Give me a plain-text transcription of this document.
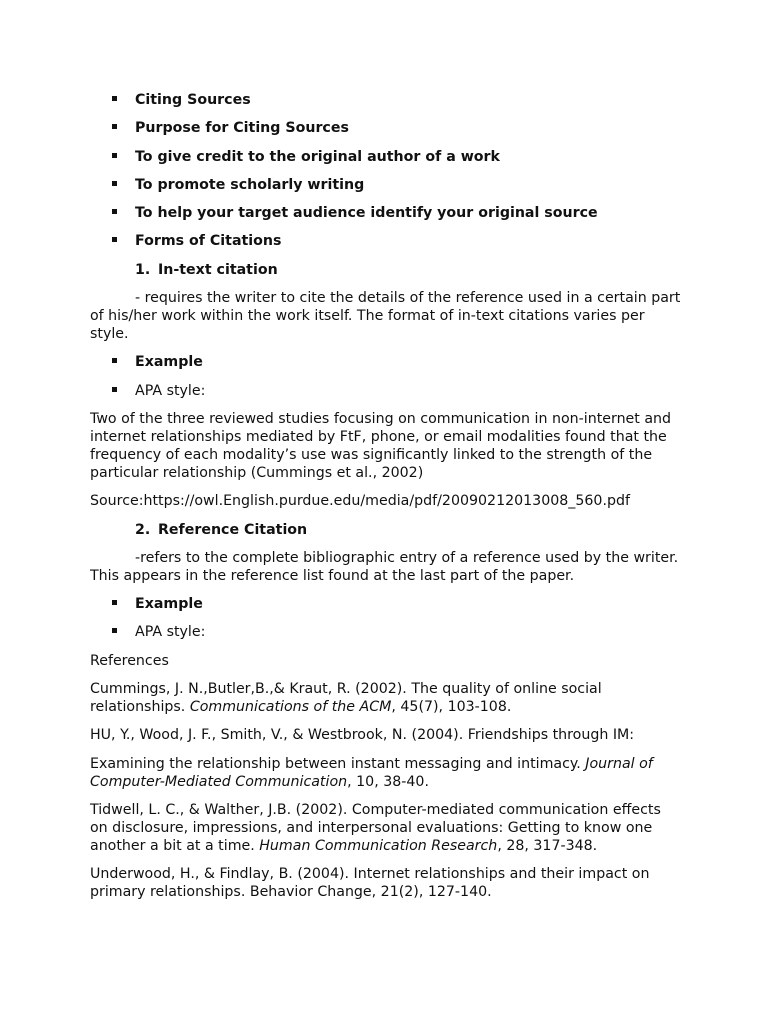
Citing Sources
Purpose for Citing Sources
To give credit to the original author of a work
To promote scholarly writing
To help your target audience identify your original source
Forms of Citations
1. In-text citation

- requires the writer to cite the details of the reference used in a certain part of his/her work within the work itself. The format of in-text citations varies per style.

Example
APA style:

Two of the three reviewed studies focusing on communication in non-internet and internet relationships mediated by FtF, phone, or email modalities found that the frequency of each modality’s use was significantly linked to the strength of the particular relationship (Cummings et al., 2002)

Source:https://owl.English.purdue.edu/media/pdf/20090212013008_560.pdf

2. Reference Citation

-refers to the complete bibliographic entry of a reference used by the writer. This appears in the reference list found at the last part of the paper.

Example
APA style:

References

Cummings, J. N.,Butler,B.,& Kraut, R. (2002). The quality of online social relationships. Communications of the ACM, 45(7), 103-108.

HU, Y., Wood, J. F., Smith, V., & Westbrook, N. (2004). Friendships through IM:

Examining the relationship between instant messaging and intimacy. Journal of Computer-Mediated Communication, 10, 38-40.

Tidwell, L. C., & Walther, J.B. (2002). Computer-mediated communication effects on disclosure, impressions, and interpersonal evaluations: Getting to know one another a bit at a time. Human Communication Research, 28, 317-348.

Underwood, H., & Findlay, B. (2004). Internet relationships and their impact on primary relationships. Behavior Change, 21(2), 127-140.
